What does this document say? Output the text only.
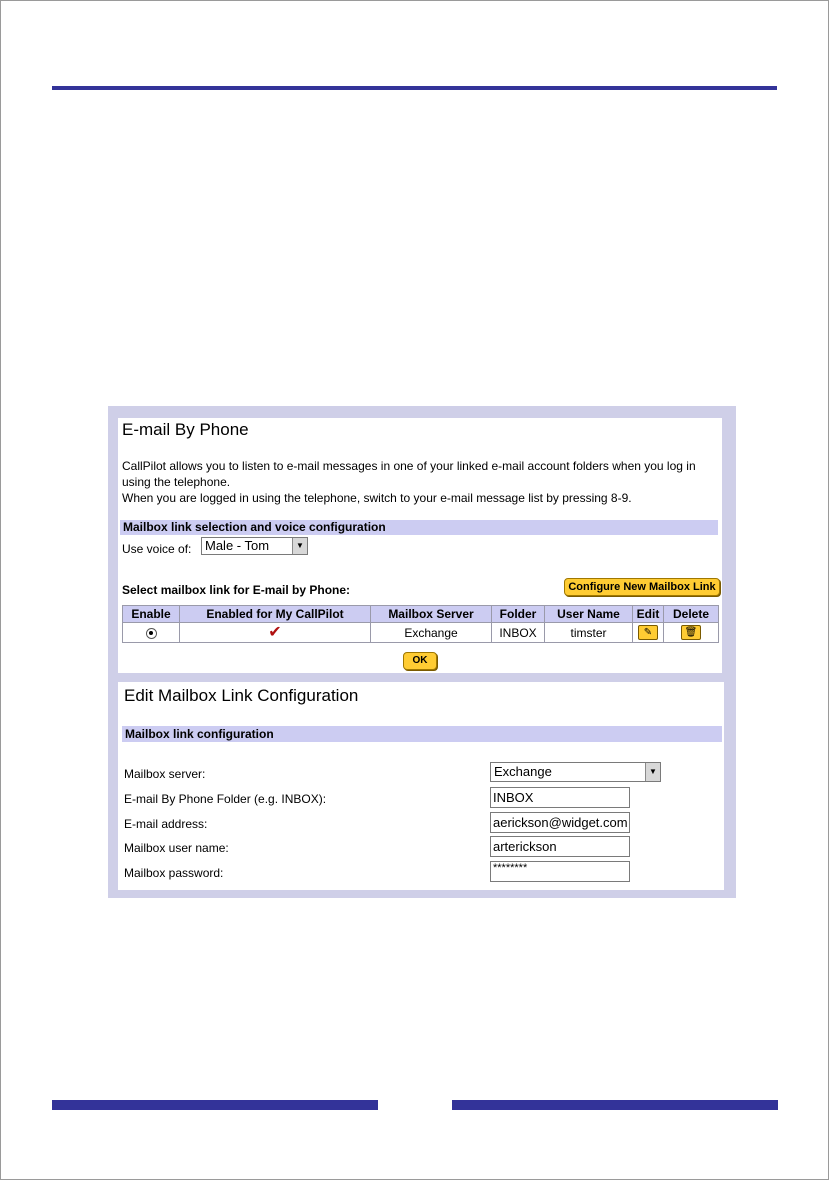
E-mail By Phone

CallPilot allows you to listen to e-mail messages in one of your linked e-mail account folders when you log in using the telephone.

When you are logged in using the telephone, switch to your e-mail message list by pressing 8-9.

Mailbox link selection and voice configuration
Use voice of:	Male - Tom	▼
Select mailbox link for E-mail by Phone:	Configure New Mailbox Link
Enable	Enabled for My CallPilot	Mailbox Server	Folder	User Name	Edit	Delete
	✔	Exchange	INBOX	timster	✎	🗑
OK
Edit Mailbox Link Configuration
Mailbox link configuration
Mailbox server:	Exchange	▼
E-mail By Phone Folder (e.g. INBOX):	INBOX
E-mail address:	aerickson@widget.com
Mailbox user name:	arterickson
Mailbox password:	********
